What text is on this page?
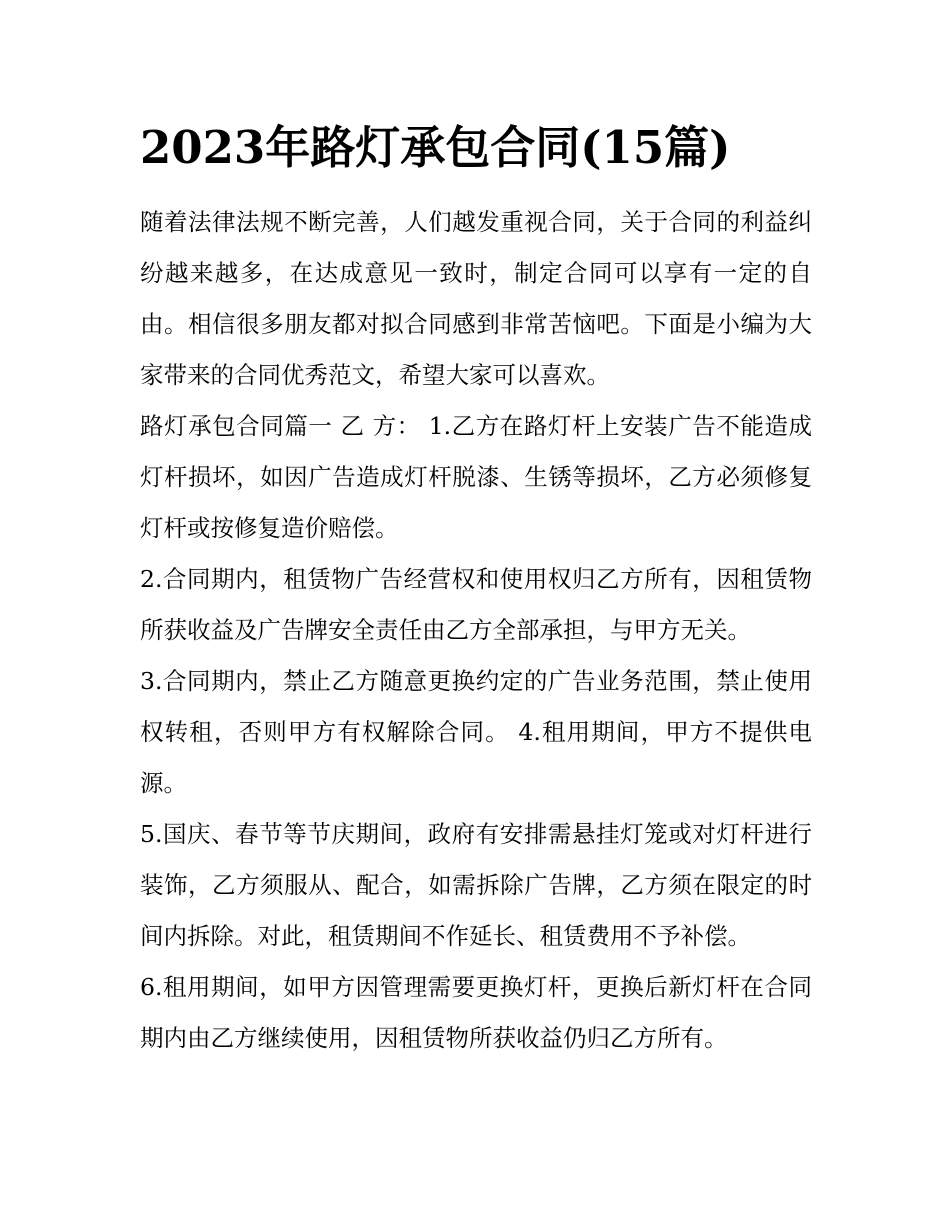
2023年路灯承包合同(15篇)

随着法律法规不断完善，人们越发重视合同，关于合同的利益纠纷越来越多，在达成意见一致时，制定合同可以享有一定的自由。相信很多朋友都对拟合同感到非常苦恼吧。下面是小编为大家带来的合同优秀范文，希望大家可以喜欢。

路灯承包合同篇一 乙 方： 1.乙方在路灯杆上安装广告不能造成灯杆损坏，如因广告造成灯杆脱漆、生锈等损坏，乙方必须修复灯杆或按修复造价赔偿。

2.合同期内，租赁物广告经营权和使用权归乙方所有，因租赁物所获收益及广告牌安全责任由乙方全部承担，与甲方无关。

3.合同期内，禁止乙方随意更换约定的广告业务范围，禁止使用权转租，否则甲方有权解除合同。 4.租用期间，甲方不提供电源。

5.国庆、春节等节庆期间，政府有安排需悬挂灯笼或对灯杆进行装饰，乙方须服从、配合，如需拆除广告牌，乙方须在限定的时间内拆除。对此，租赁期间不作延长、租赁费用不予补偿。

6.租用期间，如甲方因管理需要更换灯杆，更换后新灯杆在合同期内由乙方继续使用，因租赁物所获收益仍归乙方所有。
